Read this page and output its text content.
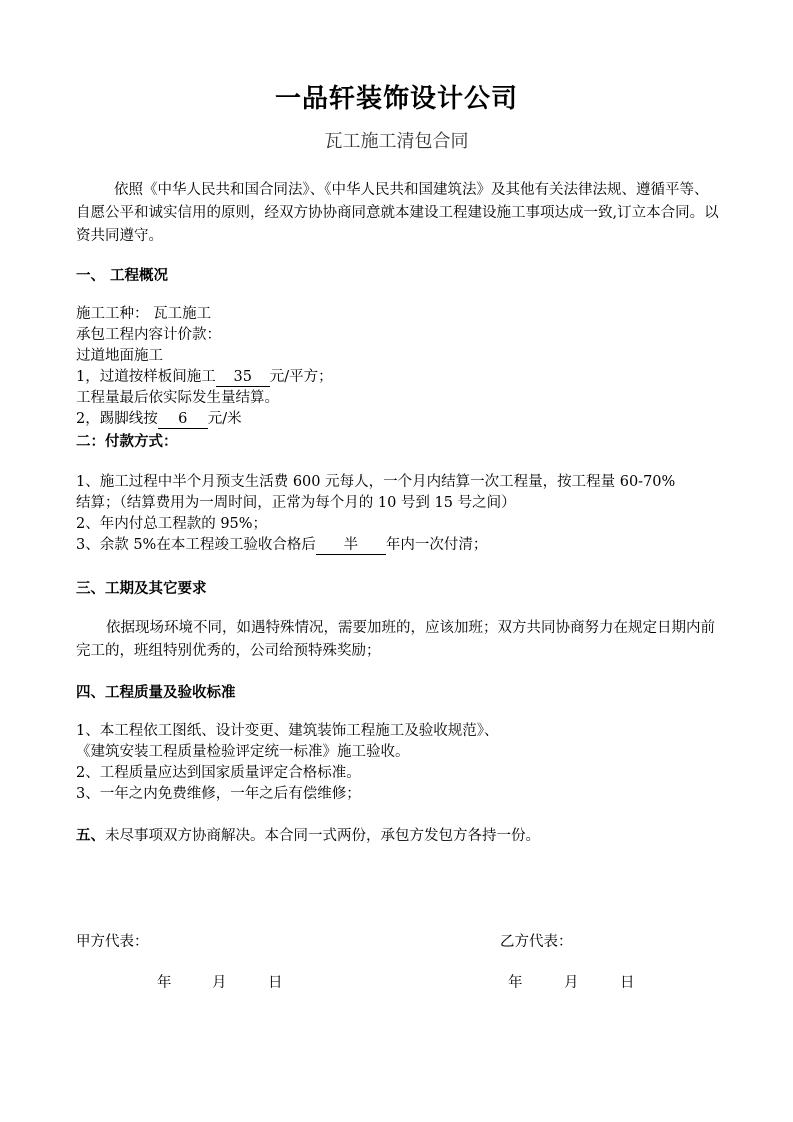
一品轩装饰设计公司
瓦工施工清包合同
依照《中华人民共和国合同法》、《中华人民共和国建筑法》及其他有关法律法规、遵循平等、自愿公平和诚实信用的原则，经双方协协商同意就本建设工程建设施工事项达成一致,订立本合同。以资共同遵守。
一、 工程概况
施工工种： 瓦工施工
承包工程内容计价款：
过道地面施工
1，过道按样板间施工 35 元/平方；
工程量最后依实际发生量结算。
2，踢脚线按 6 元/米
二：付款方式：
1、施工过程中半个月预支生活费 600 元每人，一个月内结算一次工程量，按工程量 60-70%
结算；（结算费用为一周时间，正常为每个月的 10 号到 15 号之间）
2、年内付总工程款的 95%；
3、余款 5%在本工程竣工验收合格后 半 年内一次付清；
三、工期及其它要求
依据现场环境不同，如遇特殊情况，需要加班的，应该加班；双方共同协商努力在规定日期内前完工的，班组特别优秀的，公司给预特殊奖励；
四、工程质量及验收标准
1、本工程依工图纸、设计变更、建筑装饰工程施工及验收规范》、
《建筑安装工程质量检验评定统一标准》施工验收。
2、工程质量应达到国家质量评定合格标准。
3、一年之内免费维修，一年之后有偿维修；
五、未尽事项双方协商解决。本合同一式两份，承包方发包方各持一份。
甲方代表：	乙方代表：
年	月	日	年	月	日
